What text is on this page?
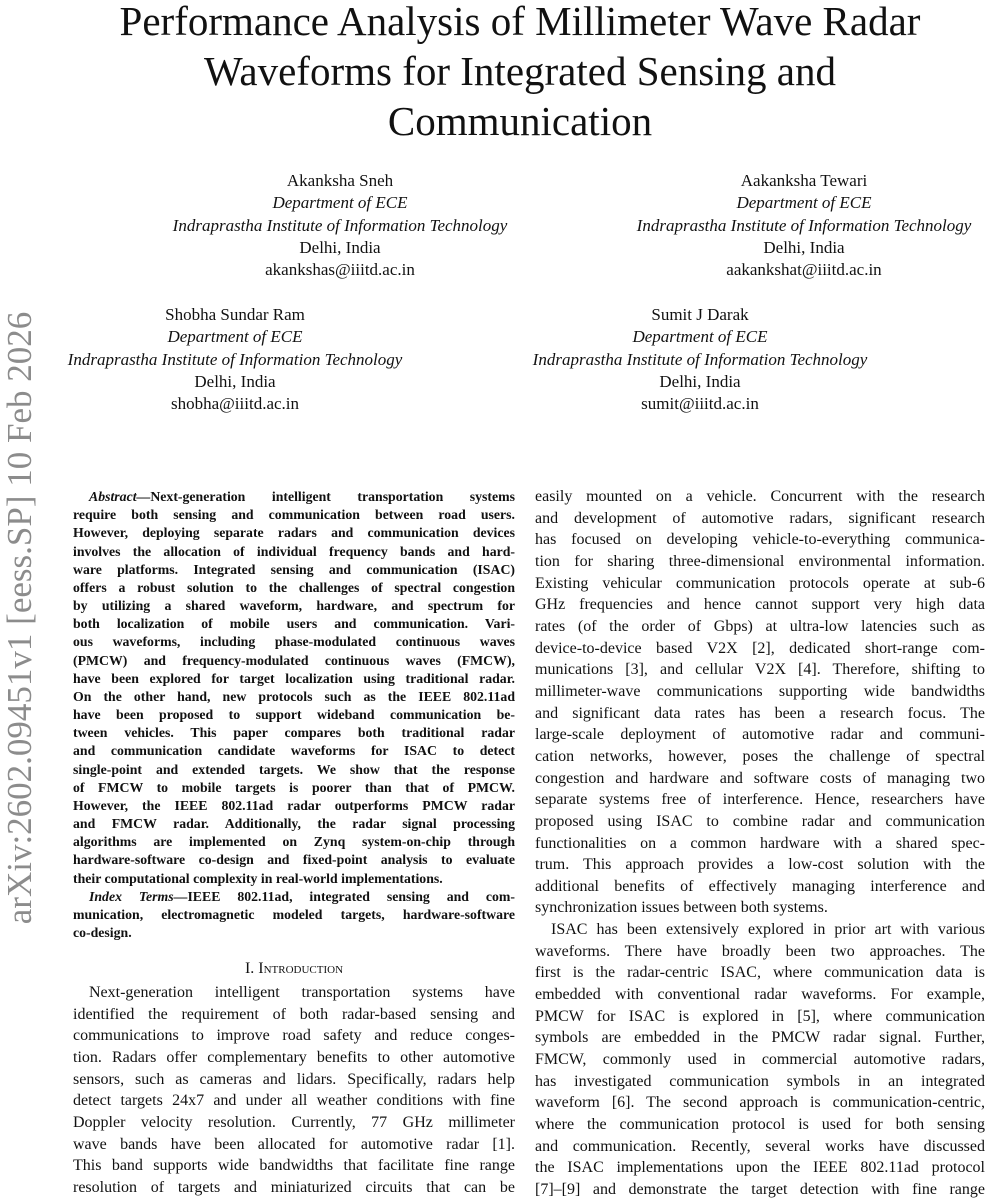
arXiv:2602.09451v1 [eess.SP] 10 Feb 2026
Performance Analysis of Millimeter Wave Radar
Waveforms for Integrated Sensing and
Communication
Akanksha Sneh
Department of ECE
Indraprastha Institute of Information Technology
Delhi, India
akankshas@iiitd.ac.in
Aakanksha Tewari
Department of ECE
Indraprastha Institute of Information Technology
Delhi, India
aakankshat@iiitd.ac.in
Shobha Sundar Ram
Department of ECE
Indraprastha Institute of Information Technology
Delhi, India
shobha@iiitd.ac.in
Sumit J Darak
Department of ECE
Indraprastha Institute of Information Technology
Delhi, India
sumit@iiitd.ac.in
Abstract—Next-generation intelligent transportation systems
require both sensing and communication between road users.
However, deploying separate radars and communication devices
involves the allocation of individual frequency bands and hard-
ware platforms. Integrated sensing and communication (ISAC)
offers a robust solution to the challenges of spectral congestion
by utilizing a shared waveform, hardware, and spectrum for
both localization of mobile users and communication. Vari-
ous waveforms, including phase-modulated continuous waves
(PMCW) and frequency-modulated continuous waves (FMCW),
have been explored for target localization using traditional radar.
On the other hand, new protocols such as the IEEE 802.11ad
have been proposed to support wideband communication be-
tween vehicles. This paper compares both traditional radar
and communication candidate waveforms for ISAC to detect
single-point and extended targets. We show that the response
of FMCW to mobile targets is poorer than that of PMCW.
However, the IEEE 802.11ad radar outperforms PMCW radar
and FMCW radar. Additionally, the radar signal processing
algorithms are implemented on Zynq system-on-chip through
hardware-software co-design and fixed-point analysis to evaluate
their computational complexity in real-world implementations.
Index Terms—IEEE 802.11ad, integrated sensing and com-
munication, electromagnetic modeled targets, hardware-software
co-design.
I. Introduction
Next-generation intelligent transportation systems have
identified the requirement of both radar-based sensing and
communications to improve road safety and reduce conges-
tion. Radars offer complementary benefits to other automotive
sensors, such as cameras and lidars. Specifically, radars help
detect targets 24x7 and under all weather conditions with fine
Doppler velocity resolution. Currently, 77 GHz millimeter
wave bands have been allocated for automotive radar [1].
This band supports wide bandwidths that facilitate fine range
resolution of targets and miniaturized circuits that can be
easily mounted on a vehicle. Concurrent with the research
and development of automotive radars, significant research
has focused on developing vehicle-to-everything communica-
tion for sharing three-dimensional environmental information.
Existing vehicular communication protocols operate at sub-6
GHz frequencies and hence cannot support very high data
rates (of the order of Gbps) at ultra-low latencies such as
device-to-device based V2X [2], dedicated short-range com-
munications [3], and cellular V2X [4]. Therefore, shifting to
millimeter-wave communications supporting wide bandwidths
and significant data rates has been a research focus. The
large-scale deployment of automotive radar and communi-
cation networks, however, poses the challenge of spectral
congestion and hardware and software costs of managing two
separate systems free of interference. Hence, researchers have
proposed using ISAC to combine radar and communication
functionalities on a common hardware with a shared spec-
trum. This approach provides a low-cost solution with the
additional benefits of effectively managing interference and
synchronization issues between both systems.
ISAC has been extensively explored in prior art with various
waveforms. There have broadly been two approaches. The
first is the radar-centric ISAC, where communication data is
embedded with conventional radar waveforms. For example,
PMCW for ISAC is explored in [5], where communication
symbols are embedded in the PMCW radar signal. Further,
FMCW, commonly used in commercial automotive radars,
has investigated communication symbols in an integrated
waveform [6]. The second approach is communication-centric,
where the communication protocol is used for both sensing
and communication. Recently, several works have discussed
the ISAC implementations upon the IEEE 802.11ad protocol
[7]–[9] and demonstrate the target detection with fine range
